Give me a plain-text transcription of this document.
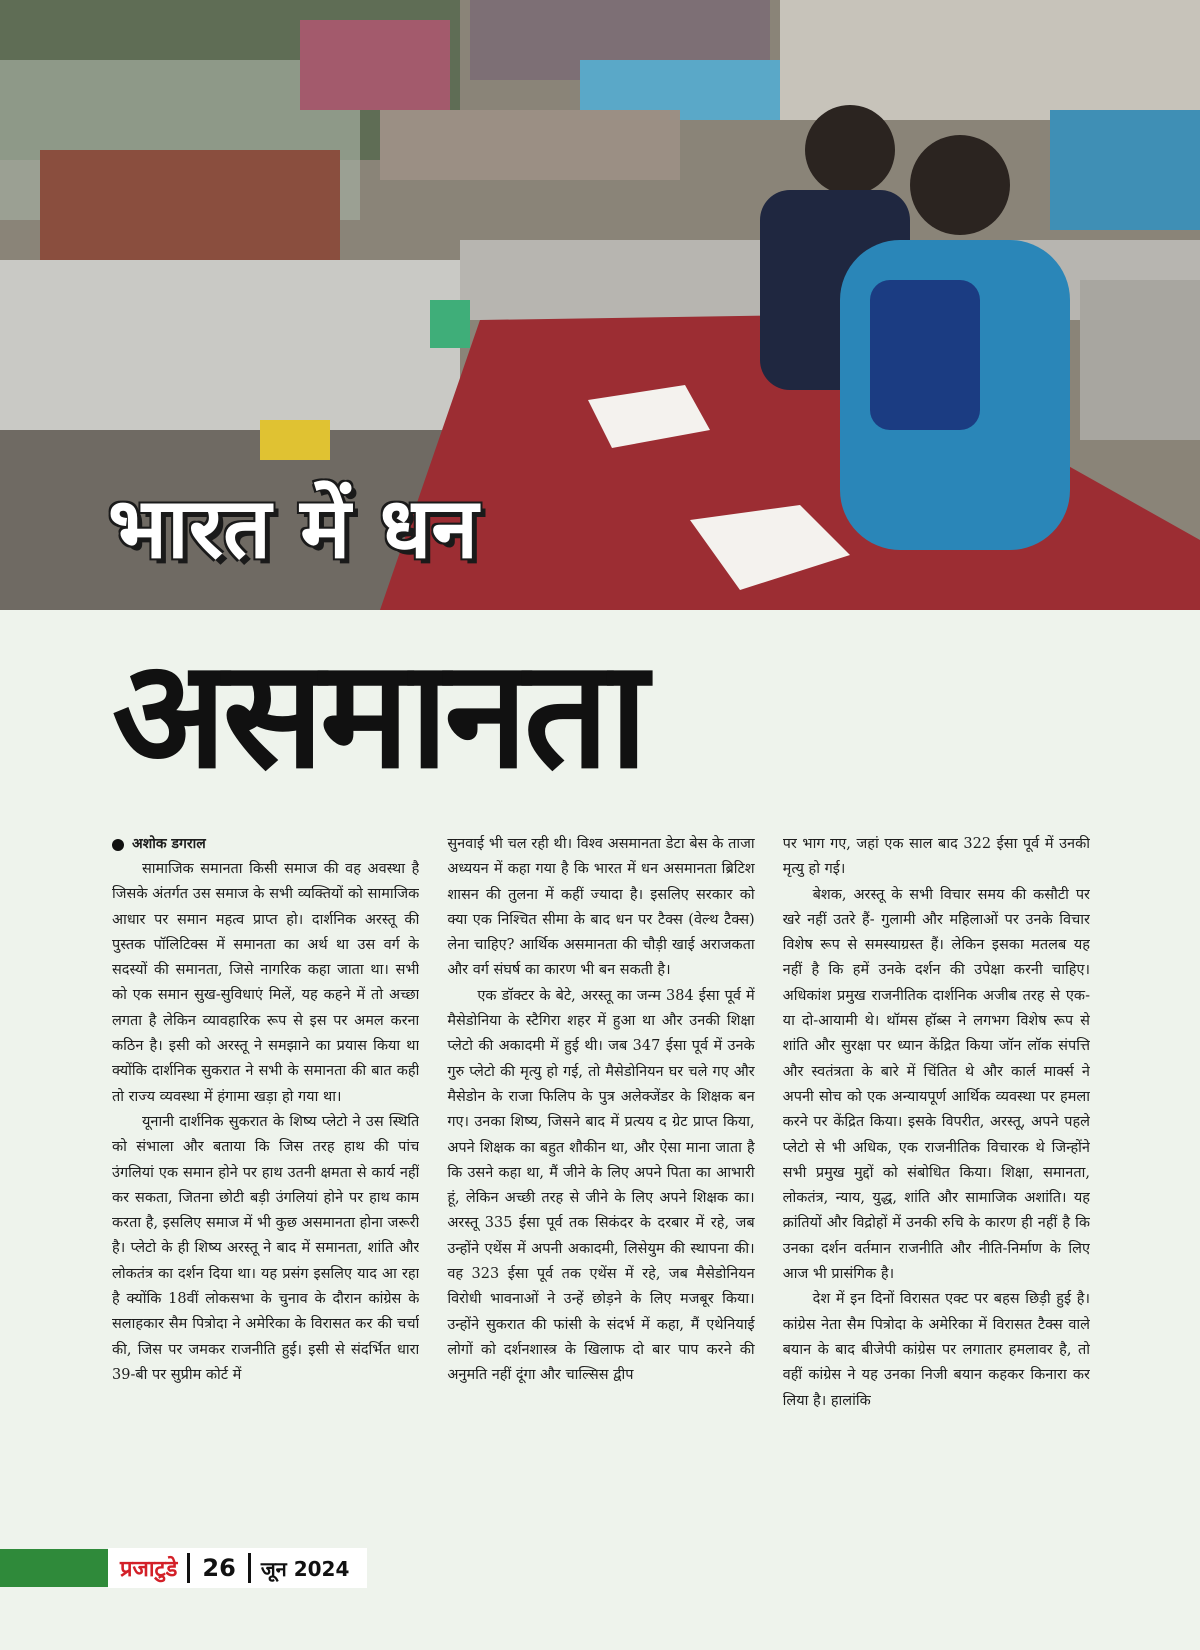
भारत में धन
असमानता
अशोक डगराल

सामाजिक समानता किसी समाज की वह अवस्था है जिसके अंतर्गत उस समाज के सभी व्यक्तियों को सामाजिक आधार पर समान महत्व प्राप्त हो। दार्शनिक अरस्तू की पुस्तक पॉलिटिक्स में समानता का अर्थ था उस वर्ग के सदस्यों की समानता, जिसे नागरिक कहा जाता था। सभी को एक समान सुख-सुविधाएं मिलें, यह कहने में तो अच्छा लगता है लेकिन व्यावहारिक रूप से इस पर अमल करना कठिन है। इसी को अरस्तू ने समझाने का प्रयास किया था क्योंकि दार्शनिक सुकरात ने सभी के समानता की बात कही तो राज्य व्यवस्था में हंगामा खड़ा हो गया था।

यूनानी दार्शनिक सुकरात के शिष्य प्लेटो ने उस स्थिति को संभाला और बताया कि जिस तरह हाथ की पांच उंगलियां एक समान होने पर हाथ उतनी क्षमता से कार्य नहीं कर सकता, जितना छोटी बड़ी उंगलियां होने पर हाथ काम करता है, इसलिए समाज में भी कुछ असमानता होना जरूरी है। प्लेटो के ही शिष्य अरस्तू ने बाद में समानता, शांति और लोकतंत्र का दर्शन दिया था। यह प्रसंग इसलिए याद आ रहा है क्योंकि 18वीं लोकसभा के चुनाव के दौरान कांग्रेस के सलाहकार सैम पित्रोदा ने अमेरिका के विरासत कर की चर्चा की, जिस पर जमकर राजनीति हुई। इसी से संदर्भित धारा 39-बी पर सुप्रीम कोर्ट में

सुनवाई भी चल रही थी। विश्व असमानता डेटा बेस के ताजा अध्ययन में कहा गया है कि भारत में धन असमानता ब्रिटिश शासन की तुलना में कहीं ज्यादा है। इसलिए सरकार को क्या एक निश्चित सीमा के बाद धन पर टैक्स (वेल्थ टैक्स) लेना चाहिए? आर्थिक असमानता की चौड़ी खाई अराजकता और वर्ग संघर्ष का कारण भी बन सकती है।

एक डॉक्टर के बेटे, अरस्तू का जन्म 384 ईसा पूर्व में मैसेडोनिया के स्टैगिरा शहर में हुआ था और उनकी शिक्षा प्लेटो की अकादमी में हुई थी। जब 347 ईसा पूर्व में उनके गुरु प्लेटो की मृत्यु हो गई, तो मैसेडोनियन घर चले गए और मैसेडोन के राजा फिलिप के पुत्र अलेक्जेंडर के शिक्षक बन गए। उनका शिष्य, जिसने बाद में प्रत्यय द ग्रेट प्राप्त किया, अपने शिक्षक का बहुत शौकीन था, और ऐसा माना जाता है कि उसने कहा था, मैं जीने के लिए अपने पिता का आभारी हूं, लेकिन अच्छी तरह से जीने के लिए अपने शिक्षक का। अरस्तू 335 ईसा पूर्व तक सिकंदर के दरबार में रहे, जब उन्होंने एथेंस में अपनी अकादमी, लिसेयुम की स्थापना की। वह 323 ईसा पूर्व तक एथेंस में रहे, जब मैसेडोनियन विरोधी भावनाओं ने उन्हें छोड़ने के लिए मजबूर किया। उन्होंने सुकरात की फांसी के संदर्भ में कहा, मैं एथेनियाई लोगों को दर्शनशास्त्र के खिलाफ दो बार पाप करने की अनुमति नहीं दूंगा और चाल्सिस द्वीप

पर भाग गए, जहां एक साल बाद 322 ईसा पूर्व में उनकी मृत्यु हो गई।

बेशक, अरस्तू के सभी विचार समय की कसौटी पर खरे नहीं उतरे हैं- गुलामी और महिलाओं पर उनके विचार विशेष रूप से समस्याग्रस्त हैं। लेकिन इसका मतलब यह नहीं है कि हमें उनके दर्शन की उपेक्षा करनी चाहिए। अधिकांश प्रमुख राजनीतिक दार्शनिक अजीब तरह से एक- या दो-आयामी थे। थॉमस हॉब्स ने लगभग विशेष रूप से शांति और सुरक्षा पर ध्यान केंद्रित किया जॉन लॉक संपत्ति और स्वतंत्रता के बारे में चिंतित थे और कार्ल मार्क्स ने अपनी सोच को एक अन्यायपूर्ण आर्थिक व्यवस्था पर हमला करने पर केंद्रित किया। इसके विपरीत, अरस्तू, अपने पहले प्लेटो से भी अधिक, एक राजनीतिक विचारक थे जिन्होंने सभी प्रमुख मुद्दों को संबोधित किया। शिक्षा, समानता, लोकतंत्र, न्याय, युद्ध, शांति और सामाजिक अशांति। यह क्रांतियों और विद्रोहों में उनकी रुचि के कारण ही नहीं है कि उनका दर्शन वर्तमान राजनीति और नीति-निर्माण के लिए आज भी प्रासंगिक है।

देश में इन दिनों विरासत एक्ट पर बहस छिड़ी हुई है। कांग्रेस नेता सैम पित्रोदा के अमेरिका में विरासत टैक्स वाले बयान के बाद बीजेपी कांग्रेस पर लगातार हमलावर है, तो वहीं कांग्रेस ने यह उनका निजी बयान कहकर किनारा कर लिया है। हालांकि

प्रजाटुडे	26	जून 2024
